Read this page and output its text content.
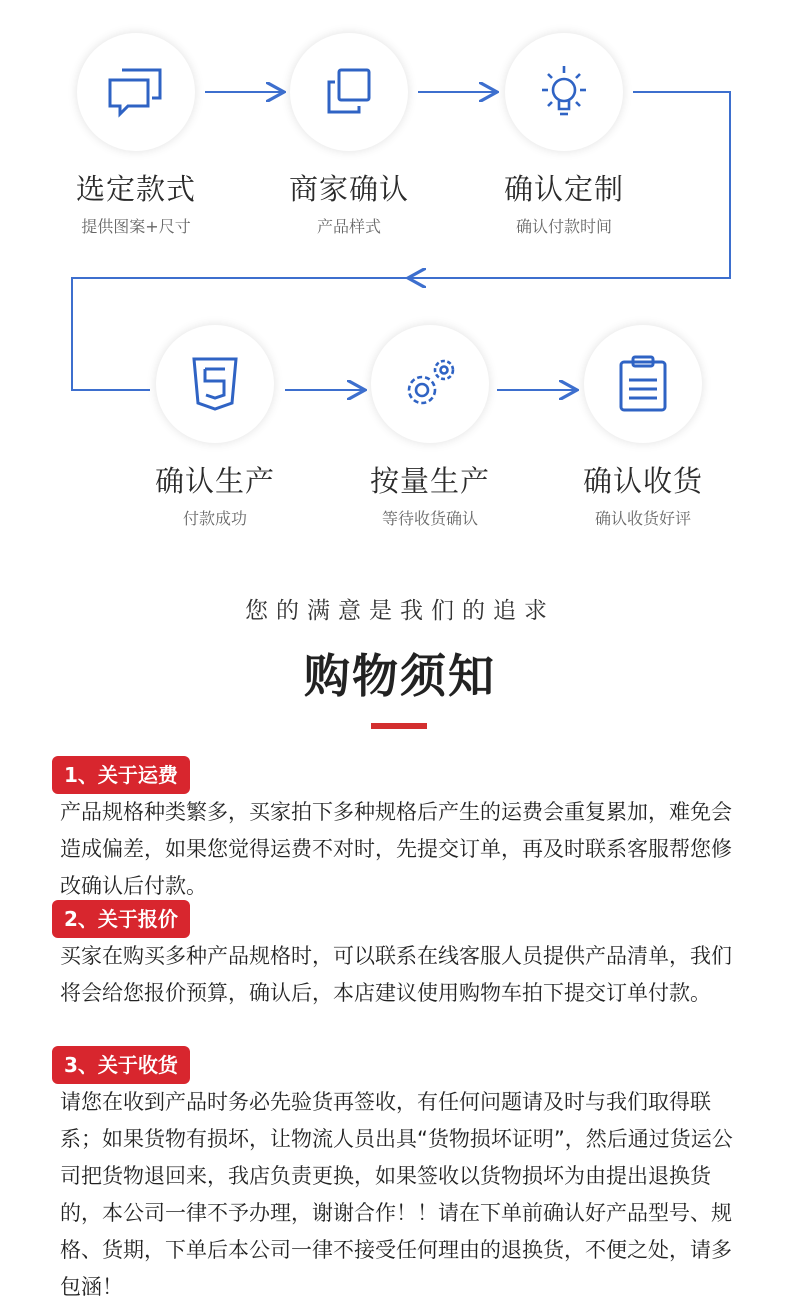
选定款式
提供图案+尺寸
商家确认
产品样式
确认定制
确认付款时间
确认生产
付款成功
按量生产
等待收货确认
确认收货
确认收货好评
您的满意是我们的追求
购物须知
1、关于运费
产品规格种类繁多，买家拍下多种规格后产生的运费会重复累加，难免会造成偏差，如果您觉得运费不对时，先提交订单，再及时联系客服帮您修改确认后付款。
2、关于报价
买家在购买多种产品规格时，可以联系在线客服人员提供产品清单，我们将会给您报价预算，确认后，本店建议使用购物车拍下提交订单付款。
3、关于收货
请您在收到产品时务必先验货再签收，有任何问题请及时与我们取得联系；如果货物有损坏，让物流人员出具“货物损坏证明”，然后通过货运公司把货物退回来，我店负责更换，如果签收以货物损坏为由提出退换货的，本公司一律不予办理，谢谢合作！！请在下单前确认好产品型号、规格、货期，下单后本公司一律不接受任何理由的退换货，不便之处，请多包涵！
